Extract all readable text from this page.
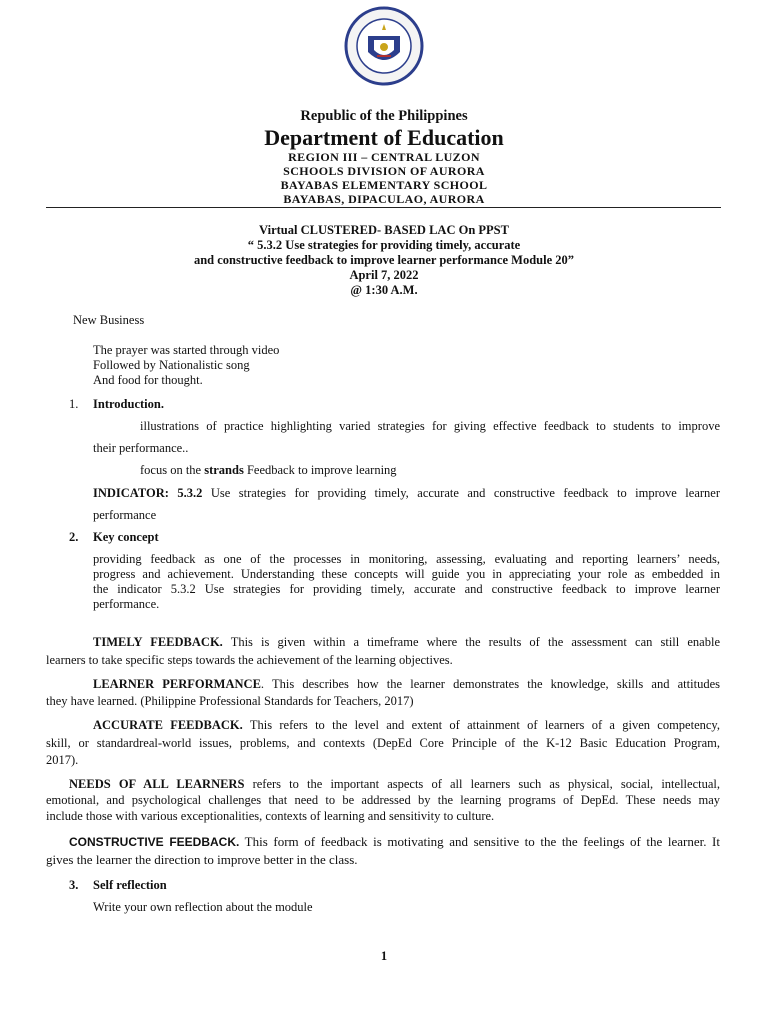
Republic of the Philippines
Department of Education
REGION III – CENTRAL LUZON
SCHOOLS DIVISION OF AURORA
BAYABAS ELEMENTARY SCHOOL
BAYABAS, DIPACULAO, AURORA
Virtual CLUSTERED- BASED LAC On PPST
“ 5.3.2 Use strategies for providing timely, accurate
and constructive feedback to improve learner performance Module 20”
April 7, 2022
@ 1:30 A.M.
New Business
The prayer was started through video
Followed by Nationalistic song
And food for thought.
1. Introduction.
illustrations of practice highlighting varied strategies for giving effective feedback to students to improve
their performance..
focus on the strands Feedback to improve learning
INDICATOR: 5.3.2 Use strategies for providing timely, accurate and constructive feedback to improve learner
performance
2. Key concept
providing feedback as one of the processes in monitoring, assessing, evaluating and reporting learners’ needs,
progress and achievement. Understanding these concepts will guide you in appreciating your role as embedded in
the indicator 5.3.2 Use strategies for providing timely, accurate and constructive feedback to improve learner
performance.
TIMELY FEEDBACK. This is given within a timeframe where the results of the assessment can still enable
learners to take specific steps towards the achievement of the learning objectives.
LEARNER PERFORMANCE. This describes how the learner demonstrates the knowledge, skills and attitudes
they have learned. (Philippine Professional Standards for Teachers, 2017)
ACCURATE FEEDBACK. This refers to the level and extent of attainment of learners of a given competency,
skill, or standardreal-world issues, problems, and contexts (DepEd Core Principle of the K-12 Basic Education Program,
2017).
NEEDS OF ALL LEARNERS refers to the important aspects of all learners such as physical, social, intellectual,
emotional, and psychological challenges that need to be addressed by the learning programs of DepEd. These needs may
include those with various exceptionalities, contexts of learning and sensitivity to culture.
CONSTRUCTIVE FEEDBACK. This form of feedback is motivating and sensitive to the the feelings of the learner. It
gives the learner the direction to improve better in the class.
3. Self reflection
Write your own reflection about the module
1
